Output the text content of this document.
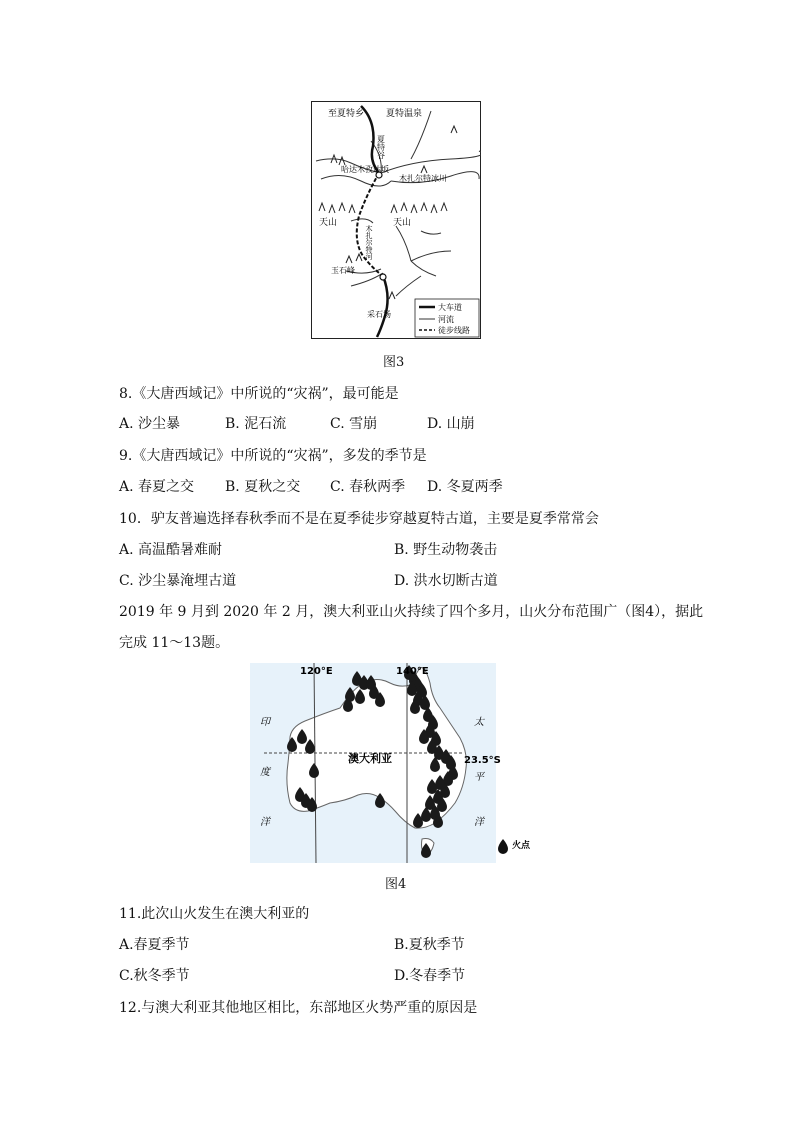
大车道
河流
徒步线路
至夏特乡 夏特温泉
夏特谷
哈达木孜达坂
木扎尔特冰川
天山	天山
木扎尔特河
玉石峰
采石场
图3
8.《大唐西域记》中所说的“灾祸”，最可能是
A. 沙尘暴	B. 泥石流	C. 雪崩	D. 山崩
9.《大唐西域记》中所说的“灾祸”，多发的季节是
A. 春夏之交 B. 夏秋之交 C. 春秋两季 D. 冬夏两季
10．驴友普遍选择春秋季而不是在夏季徒步穿越夏特古道，主要是夏季常常会
A. 高温酷暑难耐	B. 野生动物袭击
C. 沙尘暴淹埋古道	D. 洪水切断古道
2019 年 9 月到 2020 年 2 月，澳大利亚山火持续了四个多月，山火分布范围广（图4），据此
完成 11～13题。
120°E	140°E
23.5°S
澳大利亚
印
度
洋
太
平
洋
火点
图4
11.此次山火发生在澳大利亚的
A.春夏季节	B.夏秋季节
C.秋冬季节	D.冬春季节
12.与澳大利亚其他地区相比，东部地区火势严重的原因是
